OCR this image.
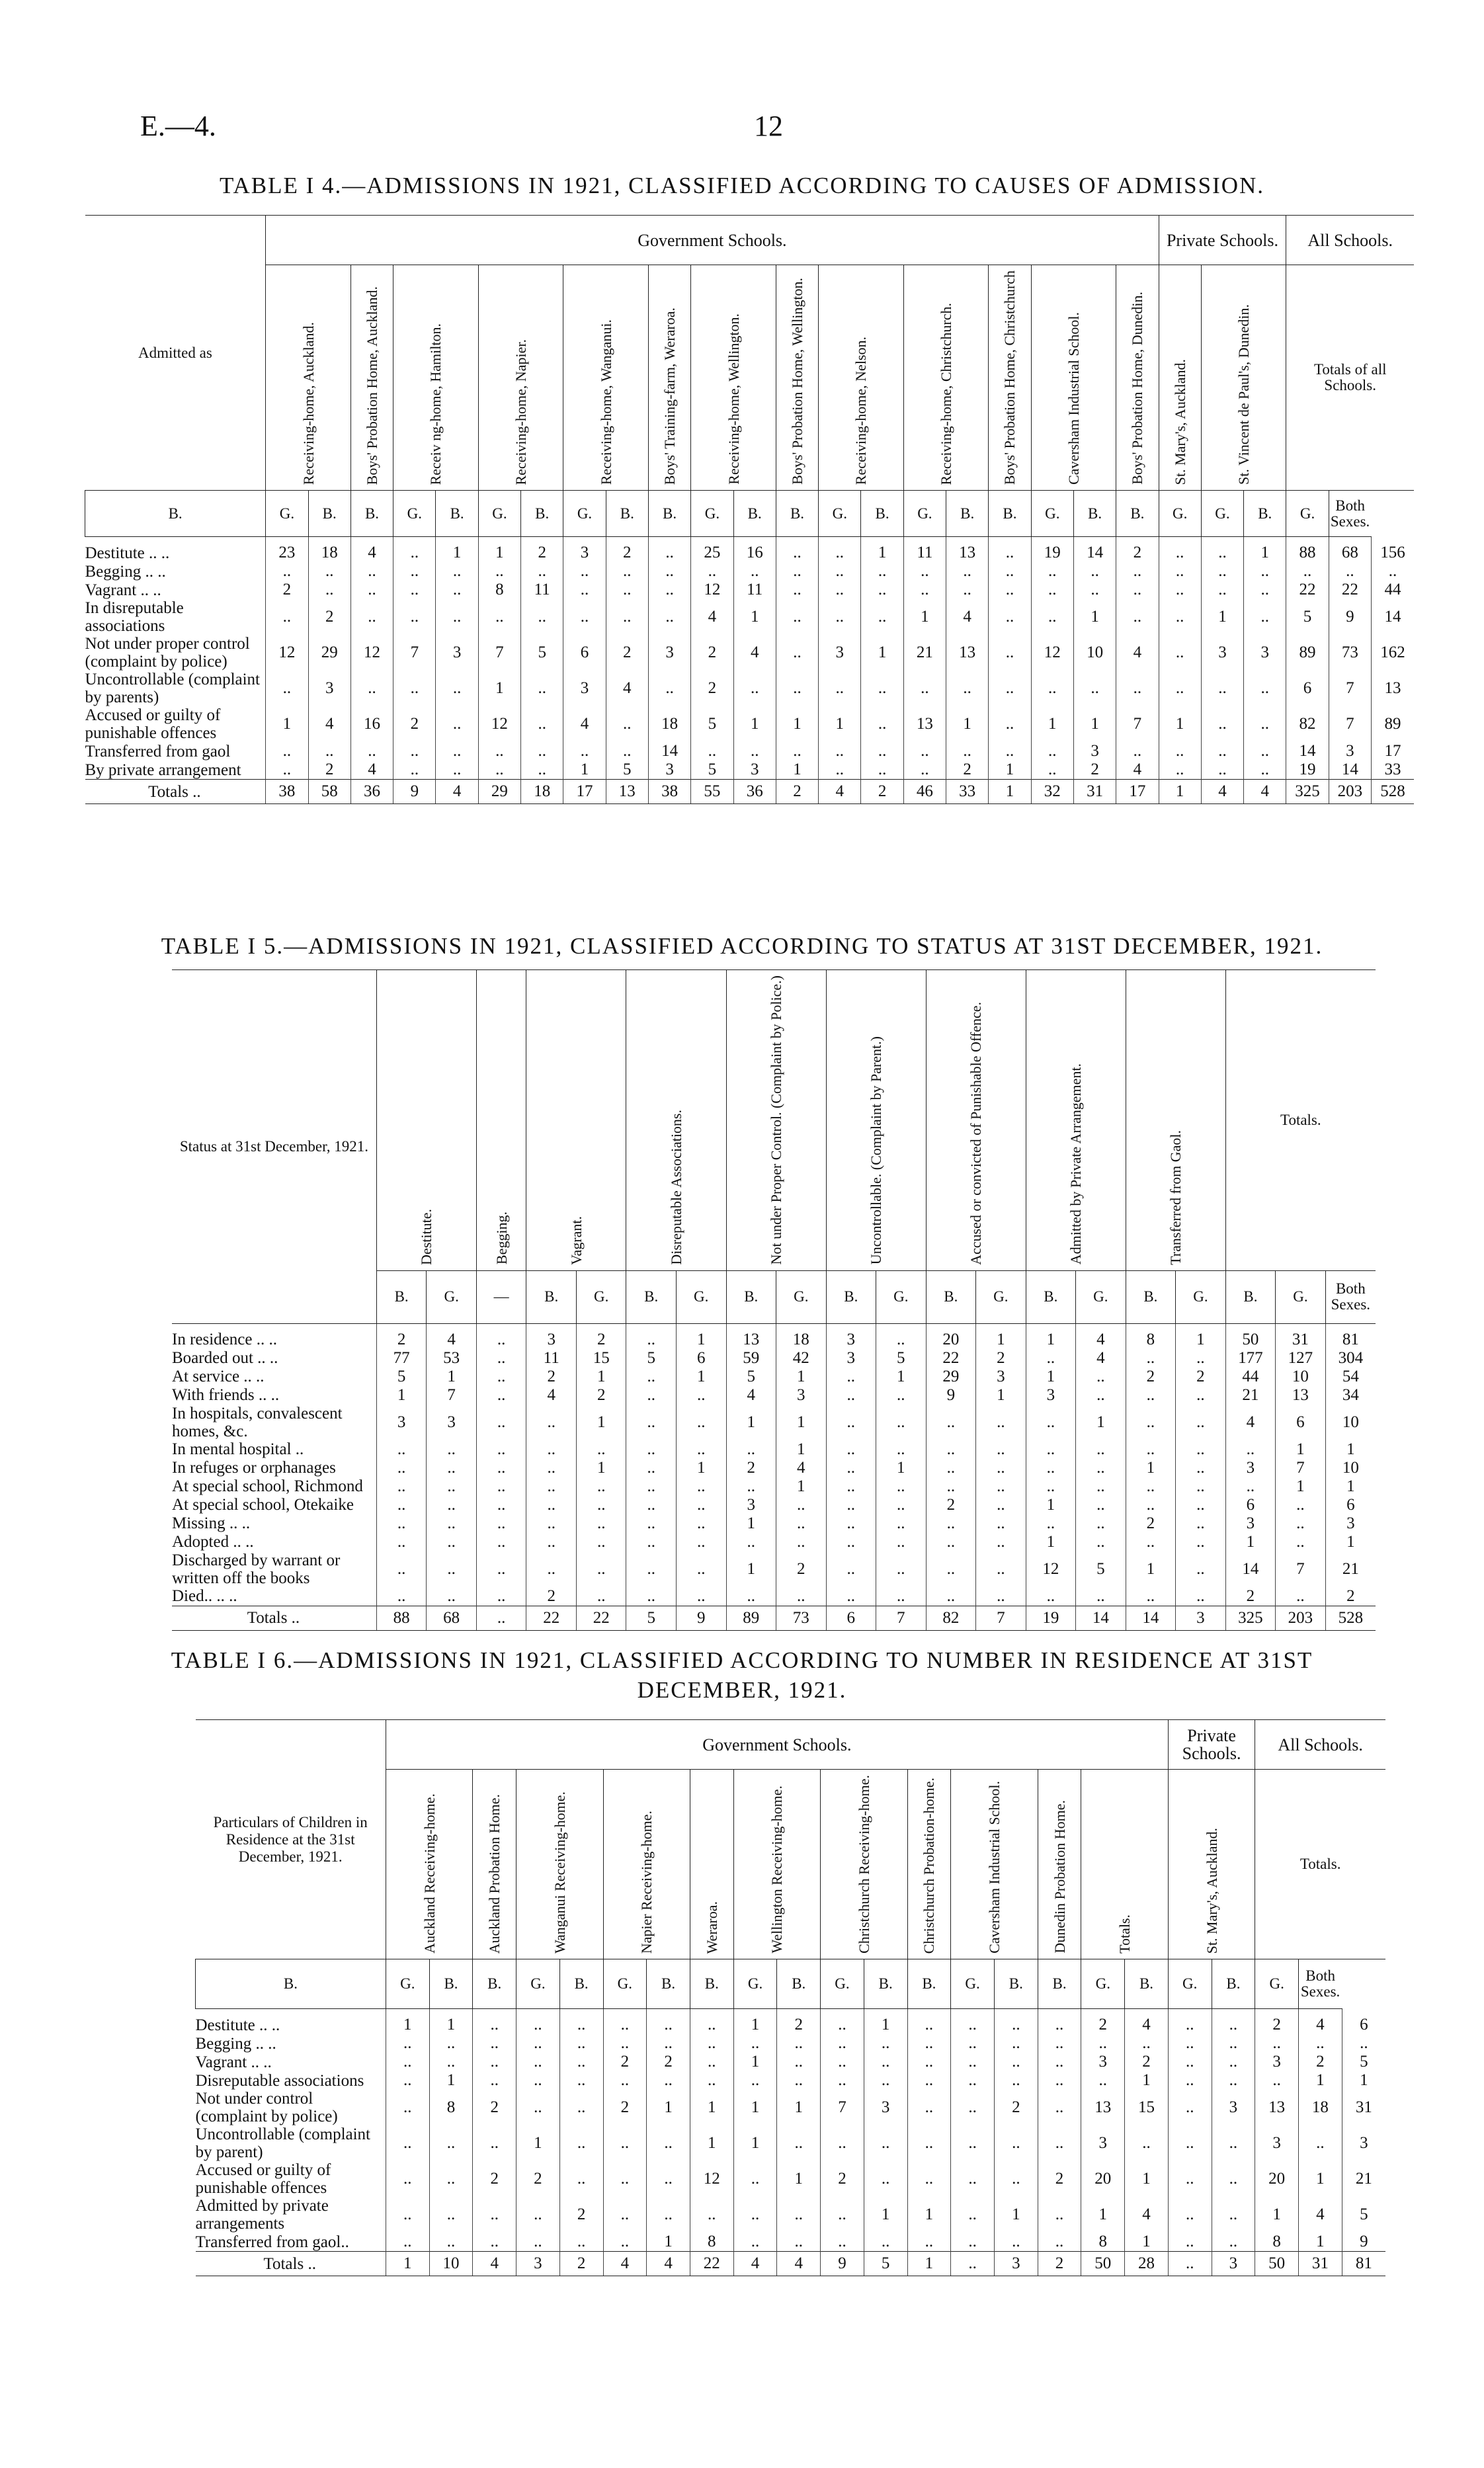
E.—4.	12
TABLE I 4.—ADMISSIONS IN 1921, CLASSIFIED ACCORDING TO CAUSES OF ADMISSION.
Admitted as	Government Schools.																					Private Schools.			All Schools.		

	Receiving-home, Auckland.		Boys' Probation Home, Auckland.	Receiv ng-home, Hamilton.		Receiving-home, Napier.		Receiving-home, Wanganui.		Boys' Training-farm, Weraroa.	Receiving-home, Wellington.		Boys' Probation Home, Wellington.	Receiving-home, Nelson.		Receiving-home, Christchurch.		Boys' Probation Home, Christchurch	Caversham Industrial School.		Boys' Probation Home, Dunedin.	St. Mary's, Auckland.	St. Vincent de Paul's, Dunedin.		Totals of all Schools.		
B.	G.	B.	B.	G.	B.	G.	B.	G.	B.	B.	G.	B.	B.	G.	B.	G.	B.	B.	G.	B.	B.	G.	G.	B.	G.	Both Sexes.	
Destitute .. ..	23	18	4	..	1	1	2	3	2	..	25	16	..	..	1	11	13	..	19	14	2	..	..	1	88	68	156
Begging .. ..	..	..	..	..	..	..	..	..	..	..	..	..	..	..	..	..	..	..	..	..	..	..	..	..	..	..	..
Vagrant .. ..	2	..	..	..	..	8	11	..	..	..	12	11	..	..	..	..	..	..	..	..	..	..	..	..	22	22	44
In disreputable associations	..	2	..	..	..	..	..	..	..	..	4	1	..	..	..	1	4	..	..	1	..	..	1	..	5	9	14
Not under proper control (complaint by police)	12	29	12	7	3	7	5	6	2	3	2	4	..	3	1	21	13	..	12	10	4	..	3	3	89	73	162
Uncontrollable (complaint by parents)	..	3	..	..	..	1	..	3	4	..	2	..	..	..	..	..	..	..	..	..	..	..	..	..	6	7	13
Accused or guilty of punishable offences	1	4	16	2	..	12	..	4	..	18	5	1	1	1	..	13	1	..	1	1	7	1	..	..	82	7	89
Transferred from gaol	..	..	..	..	..	..	..	..	..	14	..	..	..	..	..	..	..	..	..	3	..	..	..	..	14	3	17
By private arrangement	..	2	4	..	..	..	..	1	5	3	5	3	1	..	..	..	2	1	..	2	4	..	..	..	19	14	33
Totals ..	38	58	36	9	4	29	18	17	13	38	55	36	2	4	2	46	33	1	32	31	17	1	4	4	325	203	528
TABLE I 5.—ADMISSIONS IN 1921, CLASSIFIED ACCORDING TO STATUS AT 31ST DECEMBER, 1921.
Status at 31st December, 1921.	Destitute.		Begging.	Vagrant.		Disreputable Associations.		Not under Proper Control. (Complaint by Police.)		Uncontrollable. (Complaint by Parent.)		Accused or convicted of Punishable Offence.		Admitted by Private Arrangement.		Transferred from Gaol.		Totals.		
	B.	G.	—	B.	G.	B.	G.	B.	G.	B.	G.	B.	G.	B.	G.	B.	G.	B.	G.	Both Sexes.
In residence .. ..	2	4	..	3	2	..	1	13	18	3	..	20	1	1	4	8	1	50	31	81
Boarded out .. ..	77	53	..	11	15	5	6	59	42	3	5	22	2	..	4	..	..	177	127	304
At service .. ..	5	1	..	2	1	..	1	5	1	..	1	29	3	1	..	2	2	44	10	54
With friends .. ..	1	7	..	4	2	..	..	4	3	..	..	9	1	3	..	..	..	21	13	34
In hospitals, convalescent homes, &c.	3	3	..	..	1	..	..	1	1	..	..	..	..	..	1	..	..	4	6	10
In mental hospital ..	..	..	..	..	..	..	..	..	1	..	..	..	..	..	..	..	..	..	1	1
In refuges or orphanages	..	..	..	..	1	..	1	2	4	..	1	..	..	..	..	1	..	3	7	10
At special school, Richmond	..	..	..	..	..	..	..	..	1	..	..	..	..	..	..	..	..	..	1	1
At special school, Otekaike	..	..	..	..	..	..	..	3	..	..	..	2	..	1	..	..	..	6	..	6
Missing .. ..	..	..	..	..	..	..	..	1	..	..	..	..	..	..	..	2	..	3	..	3
Adopted .. ..	..	..	..	..	..	..	..	..	..	..	..	..	..	1	..	..	..	1	..	1
Discharged by warrant or written off the books	..	..	..	..	..	..	..	1	2	..	..	..	..	12	5	1	..	14	7	21
Died.. .. ..	..	..	..	2	..	..	..	..	..	..	..	..	..	..	..	..	..	2	..	2
Totals ..	88	68	..	22	22	5	9	89	73	6	7	82	7	19	14	14	3	325	203	528
TABLE I 6.—ADMISSIONS IN 1921, CLASSIFIED ACCORDING TO NUMBER IN RESIDENCE AT 31ST DECEMBER, 1921.
Particulars of Children in Residence at the 31st December, 1921.	Government Schools.																		Private Schools.		All Schools.		

	Auckland Receiving-home.		Auckland Probation Home.	Wanganui Receiving-home.		Napier Receiving-home.		Weraroa.	Wellington Receiving-home.		Christchurch Receiving-home.		Christchurch Probation-home.	Caversham Industrial School.		Dunedin Probation Home.	Totals.		St. Mary's, Auckland.		Totals.		
B.	G.	B.	B.	G.	B.	G.	B.	B.	G.	B.	G.	B.	B.	G.	B.	B.	G.	B.	G.	B.	G.	Both Sexes.	
Destitute .. ..	1	1	..	..	..	..	..	..	1	2	..	1	..	..	..	..	2	4	..	..	2	4	6
Begging .. ..	..	..	..	..	..	..	..	..	..	..	..	..	..	..	..	..	..	..	..	..	..	..	..
Vagrant .. ..	..	..	..	..	..	2	2	..	1	..	..	..	..	..	..	..	3	2	..	..	3	2	5
Disreputable associations	..	1	..	..	..	..	..	..	..	..	..	..	..	..	..	..	..	1	..	..	..	1	1
Not under control (complaint by police)	..	8	2	..	..	2	1	1	1	1	7	3	..	..	2	..	13	15	..	3	13	18	31
Uncontrollable (complaint by parent)	..	..	..	1	..	..	..	1	1	..	..	..	..	..	..	..	3	..	..	..	3	..	3
Accused or guilty of punishable offences	..	..	2	2	..	..	..	12	..	1	2	..	..	..	..	2	20	1	..	..	20	1	21
Admitted by private arrangements	..	..	..	..	2	..	..	..	..	..	..	1	1	..	1	..	1	4	..	..	1	4	5
Transferred from gaol..	..	..	..	..	..	..	1	8	..	..	..	..	..	..	..	..	8	1	..	..	8	1	9
Totals ..	1	10	4	3	2	4	4	22	4	4	9	5	1	..	3	2	50	28	..	3	50	31	81
